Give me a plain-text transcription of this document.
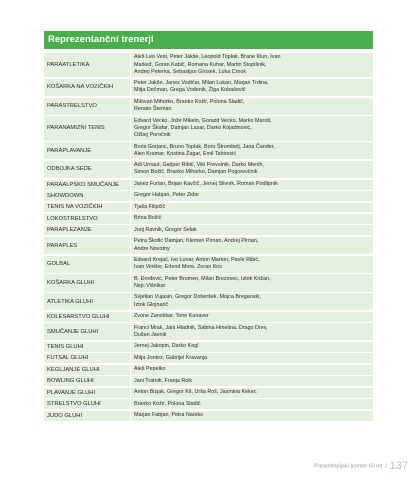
Reprezentanční trenerji
PARAATLETIKA
Aleš Leo Vest, Peter Jakše, Leopold Toplak, Brane Klun, Ivan
Markež, Goran Kabič, Romana Kuhar, Martin Stopišnik,
Andrej Peterka, Sebastjan Grosek, Luka Crnok
KOŠARKA NA VOZIČKIH
Peter Jakše, Janez Vodičar, Milan Lukan, Marjan Trdina,
Mitja Dečman, Grega Vodenik, Žiga Kobaševič
PARASTRELSTVO
Milovan Mihorko, Branko Kožir, Polona Sladič,
Renato Šteman
PARANAMIZNI TENIS
Edvard Vecko, Jože Mikeln, Gorazd Vecko, Marko Marolt,
Gregor Škafar, Damjan Lazar, Darko Kojadinović,
Ožbej Poročnik
PARAPLAVANJE
Boris Gorjanc, Bruno Toplak, Boro Štrumbelj, Jana Čander,
Alen Kramar, Kristina Žagar, Emil Tahirović
ODBOJKA SEDE
Adi Urnaut, Gašper Ribič, Viki Prevolnik, Darko Menih,
Simon Božič, Branko Mihorko, Damjan Pogorevčnik
PARAALPSKO SMUČANJE	Janez Furlan, Bojan Kavčič, Jernej Slivnik, Roman Podlipnik
SHOWDOWN	Gregor Habjan, Peter Zidar
TENIS NA VOZIČKIH	Tjaša Filipčič
LOKOSTRELSTVO	Brina Božič
PARAPLEZANJE	Jurij Ravnik, Gregor Selak
PARAPLES
Petra Škofic Damjan, Klemen Pirnan, Andrej Pirnan,
Andre Novotny
GOLBAL
Edvard Krejač, Ivo Lunar, Anton Marton, Pavle Ribič,
Ivan Vinkler, Erlend More, Zoran Kos
KOŠARKA GLUHI
B. Đorđević, Peter Brumen, Milan Brezovec, Iztok Križan,
Nejc Višnikar
ATLETIKA GLUHI
Svjetlan Vujasin, Gregor Doberšek, Mojca Breganski,
Iztok Glojnarič
KOLESARSTVO GLUHI	Zvone Zanoškar, Tone Kunaver
SMUČANJE GLUHI
Franci Mrak, Jani Hladnik, Sabina Hmelina, Drago Drev,
Dušan Javnik
TENIS GLUHI	Jernej Jakopin, Darko Kegl
FUTSAL GLUHI	Mitja Jontez, Gabrijel Kravanja
KEGLJANJE GLUHI	Aleš Pepelko
BOWLING GLUHI	Jani Tratnik, Franja Roik
PLAVANJE GLUHI	Anton Bizjak, Gregor Kit, Urša Roš, Jasmina Kekec
STRELSTVO GLUHI	Branko Kožir, Polona Sladič
JUDO GLUHI	Marjan Fabjan, Petra Nareks
Paraolimpijski komite 60 let | 137
